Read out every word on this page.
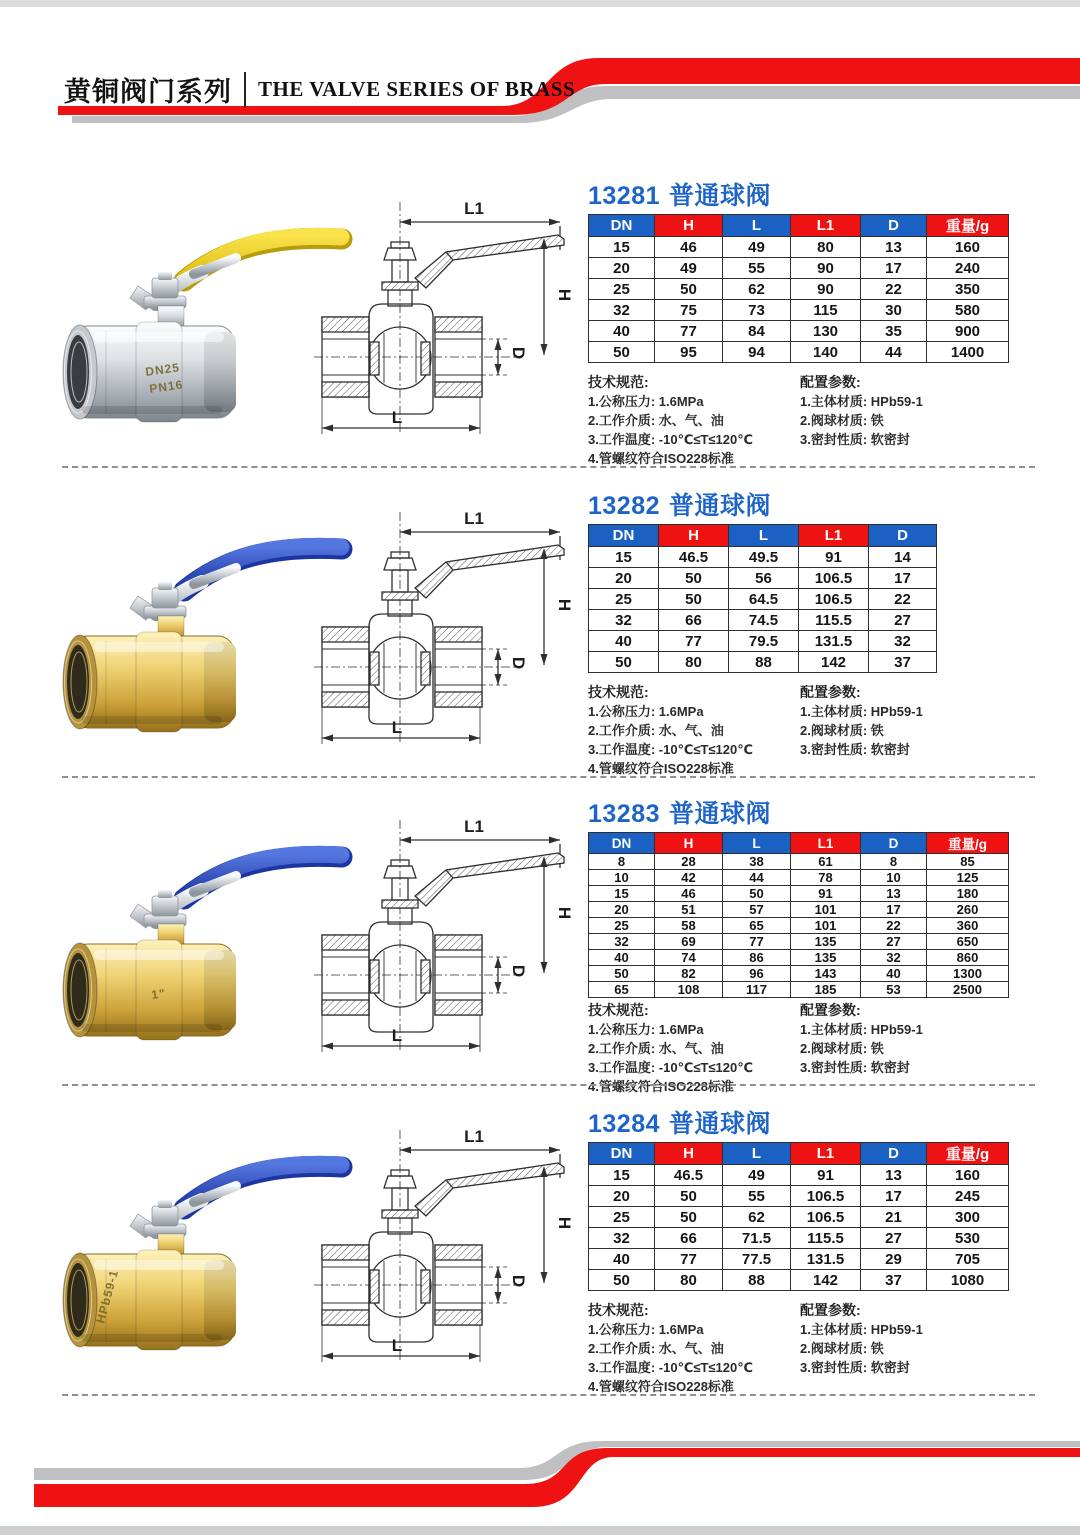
黄铜阀门系列 THE VALVE SERIES OF BRASS
DN25
PN16
13281 普通球阀
DN	H	L	L1	D	重量/g
15	46	49	80	13	160
20	49	55	90	17	240
25	50	62	90	22	350
32	75	73	115	30	580
40	77	84	130	35	900
50	95	94	140	44	1400
技术规范:
1.公称压力: 1.6MPa
2.工作介质: 水、气、油
3.工作温度: -10℃≤T≤120℃
4.管螺纹符合ISO228标准
配置参数:
1.主体材质: HPb59-1
2.阀球材质: 铁
3.密封性质: 软密封
13282 普通球阀
DN	H	L	L1	D
15	46.5	49.5	91	14
20	50	56	106.5	17
25	50	64.5	106.5	22
32	66	74.5	115.5	27
40	77	79.5	131.5	32
50	80	88	142	37
技术规范:
1.公称压力: 1.6MPa
2.工作介质: 水、气、油
3.工作温度: -10℃≤T≤120℃
4.管螺纹符合ISO228标准
配置参数:
1.主体材质: HPb59-1
2.阀球材质: 铁
3.密封性质: 软密封
1"
13283 普通球阀
DN	H	L	L1	D	重量/g
8	28	38	61	8	85
10	42	44	78	10	125
15	46	50	91	13	180
20	51	57	101	17	260
25	58	65	101	22	360
32	69	77	135	27	650
40	74	86	135	32	860
50	82	96	143	40	1300
65	108	117	185	53	2500
技术规范:
1.公称压力: 1.6MPa
2.工作介质: 水、气、油
3.工作温度: -10℃≤T≤120℃
4.管螺纹符合ISO228标准
配置参数:
1.主体材质: HPb59-1
2.阀球材质: 铁
3.密封性质: 软密封
HPb59-1
13284 普通球阀
DN	H	L	L1	D	重量/g
15	46.5	49	91	13	160
20	50	55	106.5	17	245
25	50	62	106.5	21	300
32	66	71.5	115.5	27	530
40	77	77.5	131.5	29	705
50	80	88	142	37	1080
技术规范:
1.公称压力: 1.6MPa
2.工作介质: 水、气、油
3.工作温度: -10℃≤T≤120℃
4.管螺纹符合ISO228标准
配置参数:
1.主体材质: HPb59-1
2.阀球材质: 铁
3.密封性质: 软密封
